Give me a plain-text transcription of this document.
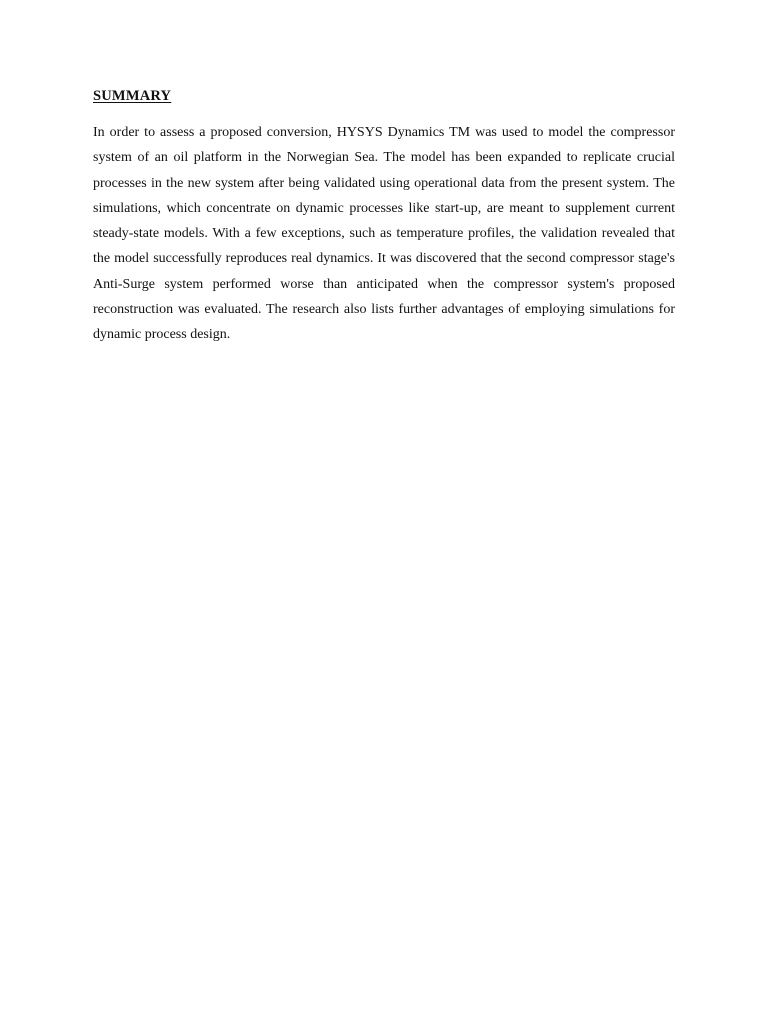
SUMMARY

In order to assess a proposed conversion, HYSYS Dynamics TM was used to model the compressor system of an oil platform in the Norwegian Sea. The model has been expanded to replicate crucial processes in the new system after being validated using operational data from the present system. The simulations, which concentrate on dynamic processes like start-up, are meant to supplement current steady-state models. With a few exceptions, such as temperature profiles, the validation revealed that the model successfully reproduces real dynamics. It was discovered that the second compressor stage's Anti-Surge system performed worse than anticipated when the compressor system's proposed reconstruction was evaluated. The research also lists further advantages of employing simulations for dynamic process design.
